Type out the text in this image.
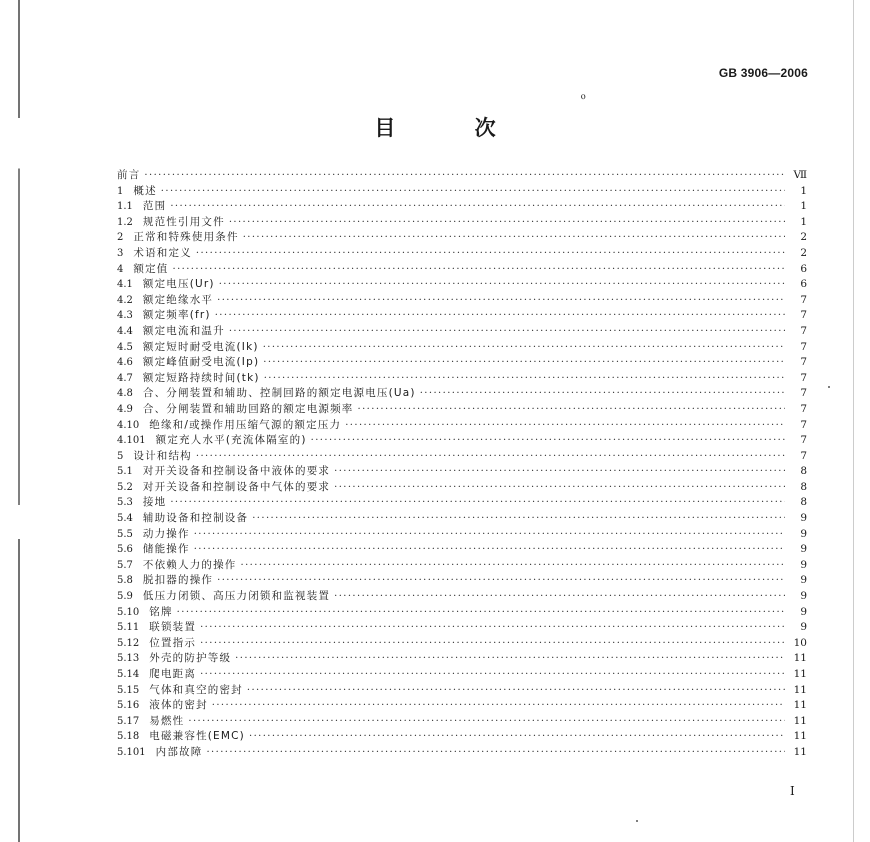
GB 3906—2006
ℴ
目 次
前言 ·····	Ⅶ
1 概述 ·····	1
1.1 范围 ·····	1
1.2 规范性引用文件 ·····	1
2 正常和特殊使用条件 ·····	2
3 术语和定义 ·····	2
4 额定值 ·····	6
4.1 额定电压(Ur) ·····	6
4.2 额定绝缘水平 ·····	7
4.3 额定频率(fr) ·····	7
4.4 额定电流和温升 ·····	7
4.5 额定短时耐受电流(Ik) ·····	7
4.6 额定峰值耐受电流(Ip) ·····	7
4.7 额定短路持续时间(tk) ·····	7
4.8 合、分闸装置和辅助、控制回路的额定电源电压(Ua) ·····	7
4.9 合、分闸装置和辅助回路的额定电源频率 ·····	7
4.10 绝缘和/或操作用压缩气源的额定压力 ·····	7
4.101 额定充人水平(充流体隔室的) ·····	7
5 设计和结构 ·····	7
5.1 对开关设备和控制设备中液体的要求 ·····	8
5.2 对开关设备和控制设备中气体的要求 ·····	8
5.3 接地 ·····	8
5.4 辅助设备和控制设备 ·····	9
5.5 动力操作 ·····	9
5.6 储能操作 ·····	9
5.7 不依赖人力的操作 ·····	9
5.8 脱扣器的操作 ·····	9
5.9 低压力闭锁、高压力闭锁和监视装置 ·····	9
5.10 铭牌 ·····	9
5.11 联锁装置 ·····	9
5.12 位置指示 ·····	10
5.13 外壳的防护等级 ·····	11
5.14 爬电距离 ·····	11
5.15 气体和真空的密封 ·····	11
5.16 液体的密封 ·····	11
5.17 易燃性 ·····	11
5.18 电磁兼容性(EMC) ·····	11
5.101 内部故障 ·····	11
I
